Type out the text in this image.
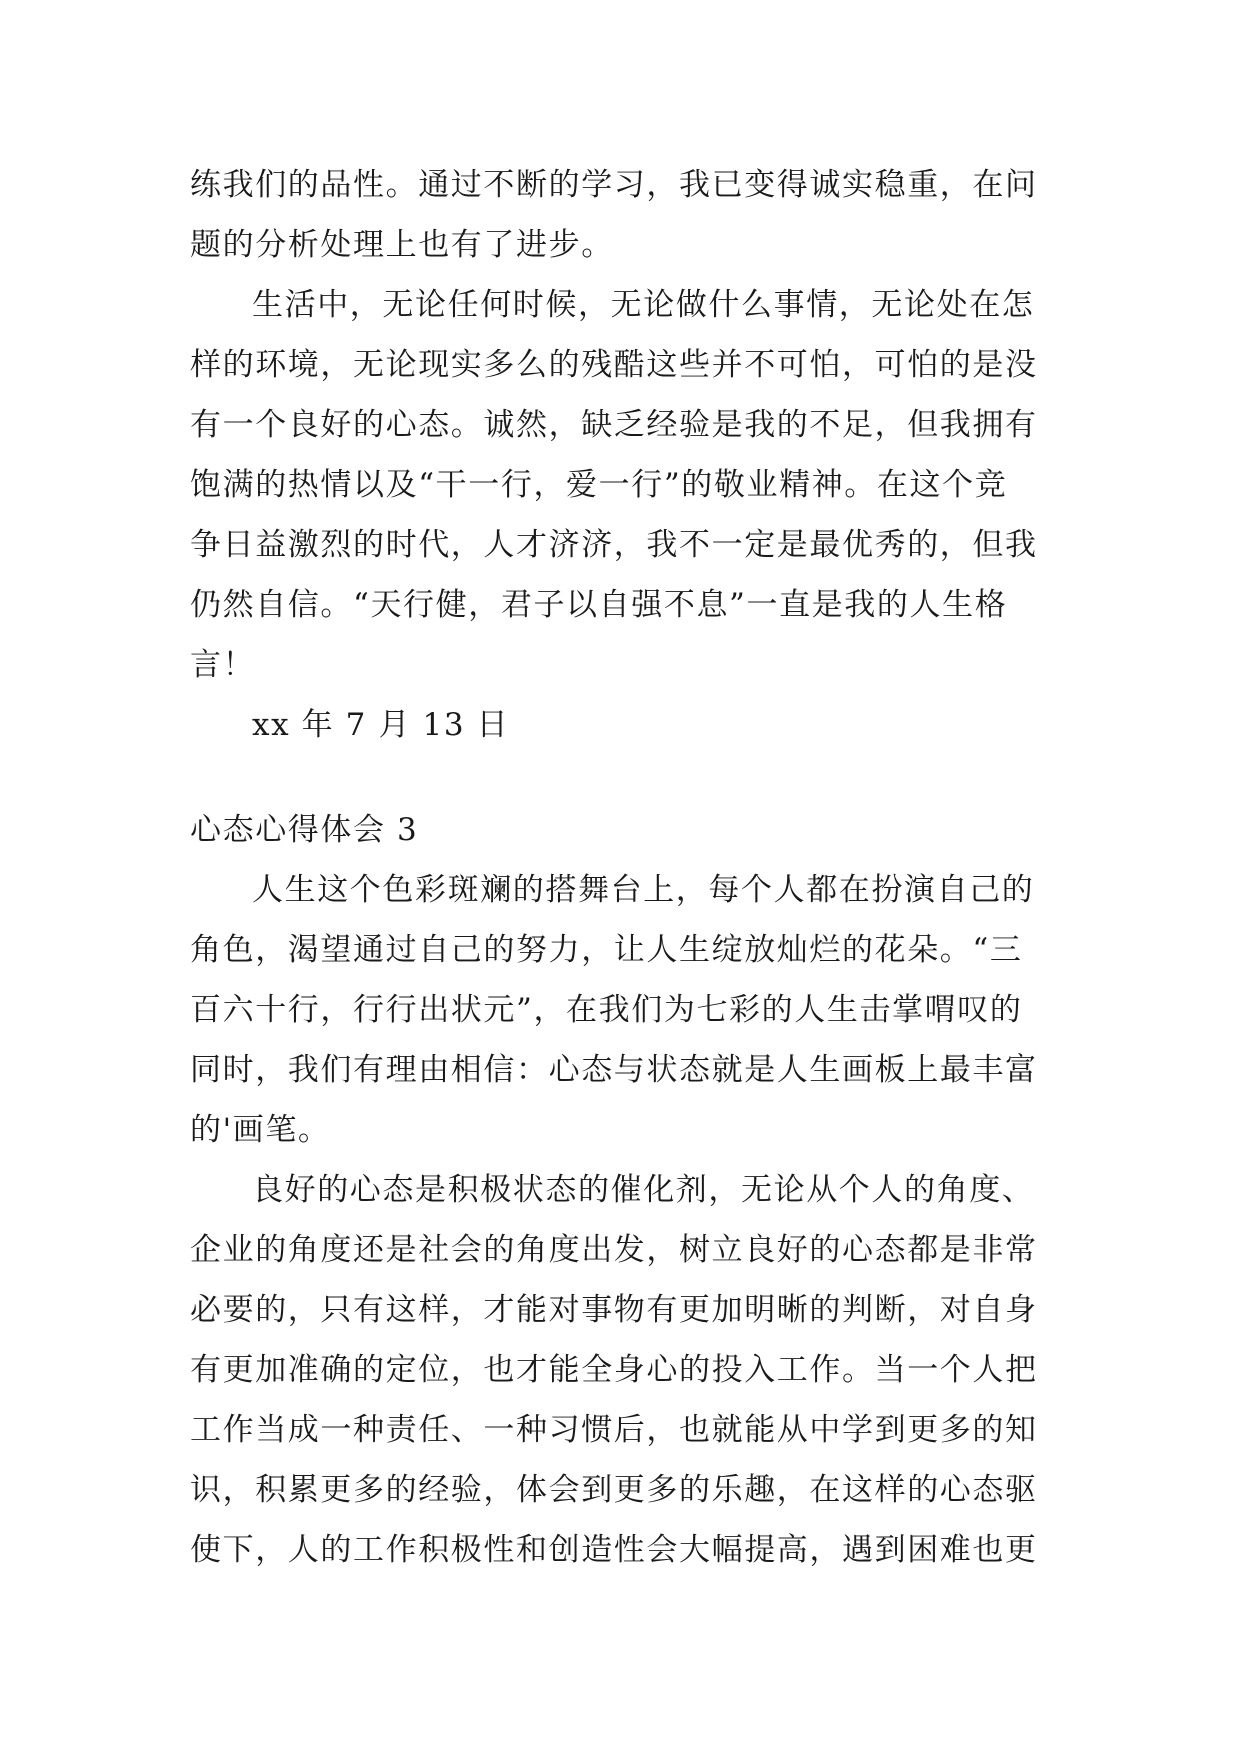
练我们的品性。通过不断的学习，我已变得诚实稳重，在问
题的分析处理上也有了进步。
生活中，无论任何时候，无论做什么事情，无论处在怎
样的环境，无论现实多么的残酷这些并不可怕，可怕的是没
有一个良好的心态。诚然，缺乏经验是我的不足，但我拥有
饱满的热情以及“干一行，爱一行”的敬业精神。在这个竞
争日益激烈的时代，人才济济，我不一定是最优秀的，但我
仍然自信。“天行健，君子以自强不息”一直是我的人生格
言！
xx 年 7 月 13 日
心态心得体会 3
人生这个色彩斑斓的搭舞台上，每个人都在扮演自己的
角色，渴望通过自己的努力，让人生绽放灿烂的花朵。“三
百六十行，行行出状元”，在我们为七彩的人生击掌喟叹的
同时，我们有理由相信：心态与状态就是人生画板上最丰富
的'画笔。
良好的心态是积极状态的催化剂，无论从个人的角度、
企业的角度还是社会的角度出发，树立良好的心态都是非常
必要的，只有这样，才能对事物有更加明晰的判断，对自身
有更加准确的定位，也才能全身心的投入工作。当一个人把
工作当成一种责任、一种习惯后，也就能从中学到更多的知
识，积累更多的经验，体会到更多的乐趣，在这样的心态驱
使下，人的工作积极性和创造性会大幅提高，遇到困难也更
